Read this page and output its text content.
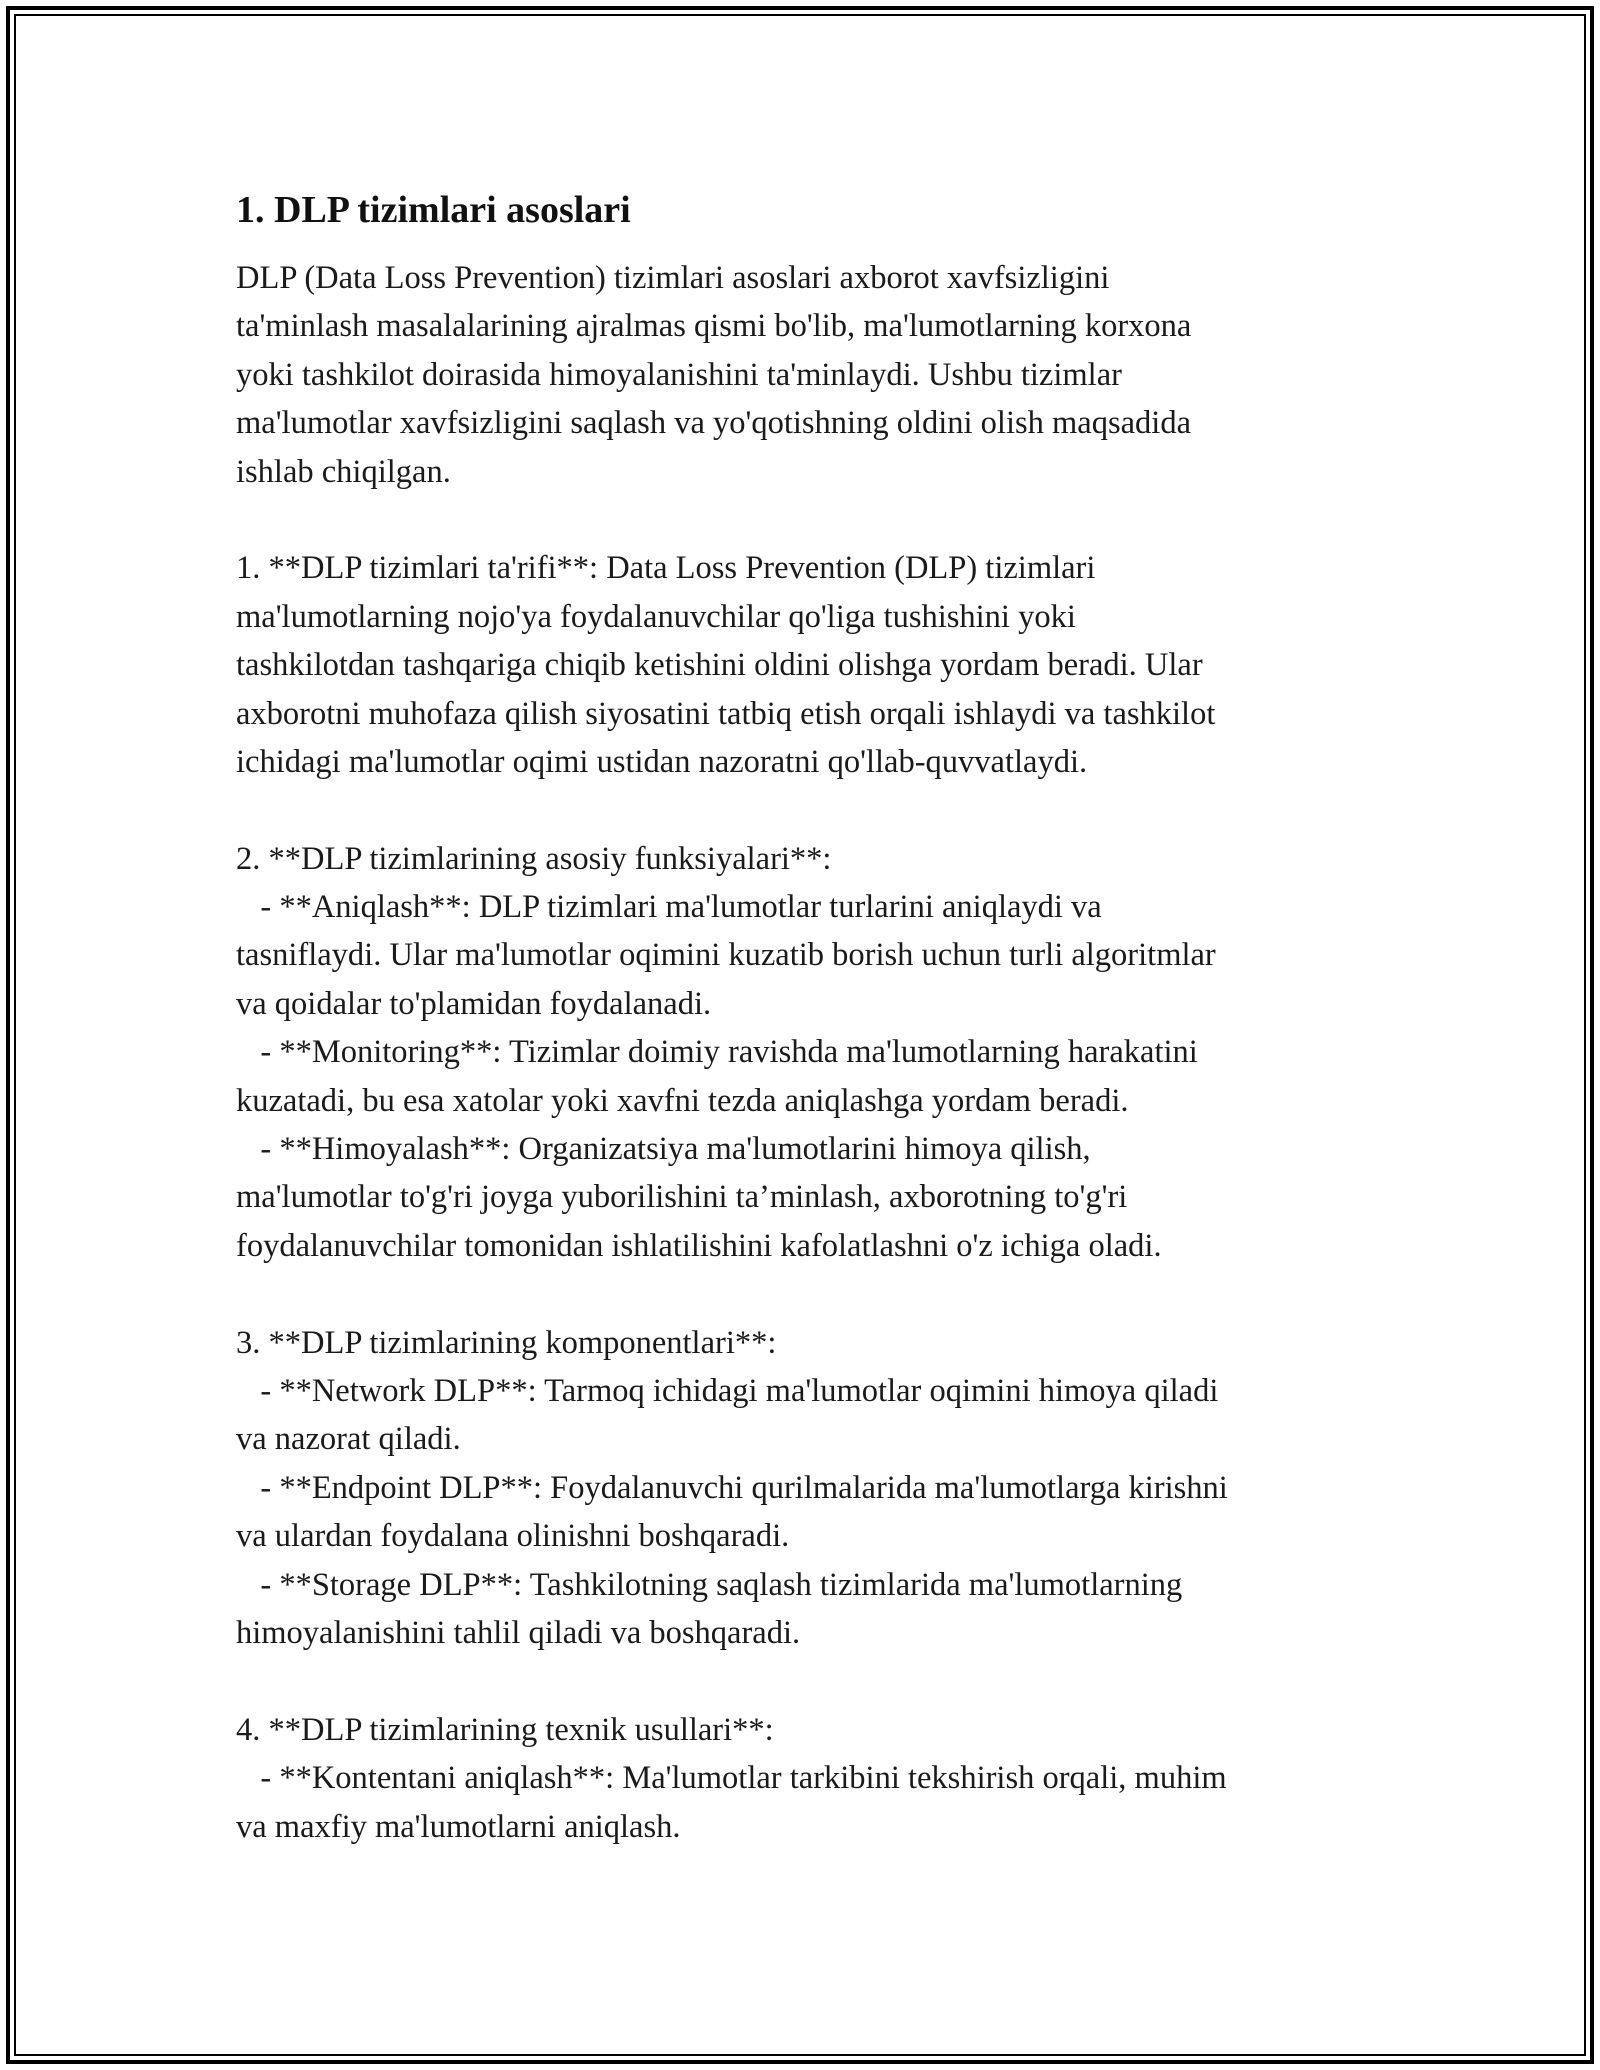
1. DLP tizimlari asoslari
DLP (Data Loss Prevention) tizimlari asoslari axborot xavfsizligini
ta'minlash masalalarining ajralmas qismi bo'lib, ma'lumotlarning korxona
yoki tashkilot doirasida himoyalanishini ta'minlaydi. Ushbu tizimlar
ma'lumotlar xavfsizligini saqlash va yo'qotishning oldini olish maqsadida
ishlab chiqilgan.
1. **DLP tizimlari ta'rifi**: Data Loss Prevention (DLP) tizimlari
ma'lumotlarning nojo'ya foydalanuvchilar qo'liga tushishini yoki
tashkilotdan tashqariga chiqib ketishini oldini olishga yordam beradi. Ular
axborotni muhofaza qilish siyosatini tatbiq etish orqali ishlaydi va tashkilot
ichidagi ma'lumotlar oqimi ustidan nazoratni qo'llab-quvvatlaydi.
2. **DLP tizimlarining asosiy funksiyalari**:
- **Aniqlash**: DLP tizimlari ma'lumotlar turlarini aniqlaydi va
tasniflaydi. Ular ma'lumotlar oqimini kuzatib borish uchun turli algoritmlar
va qoidalar to'plamidan foydalanadi.
- **Monitoring**: Tizimlar doimiy ravishda ma'lumotlarning harakatini
kuzatadi, bu esa xatolar yoki xavfni tezda aniqlashga yordam beradi.
- **Himoyalash**: Organizatsiya ma'lumotlarini himoya qilish,
ma'lumotlar to'g'ri joyga yuborilishini ta’minlash, axborotning to'g'ri
foydalanuvchilar tomonidan ishlatilishini kafolatlashni o'z ichiga oladi.
3. **DLP tizimlarining komponentlari**:
- **Network DLP**: Tarmoq ichidagi ma'lumotlar oqimini himoya qiladi
va nazorat qiladi.
- **Endpoint DLP**: Foydalanuvchi qurilmalarida ma'lumotlarga kirishni
va ulardan foydalana olinishni boshqaradi.
- **Storage DLP**: Tashkilotning saqlash tizimlarida ma'lumotlarning
himoyalanishini tahlil qiladi va boshqaradi.
4. **DLP tizimlarining texnik usullari**:
- **Kontentani aniqlash**: Ma'lumotlar tarkibini tekshirish orqali, muhim
va maxfiy ma'lumotlarni aniqlash.
